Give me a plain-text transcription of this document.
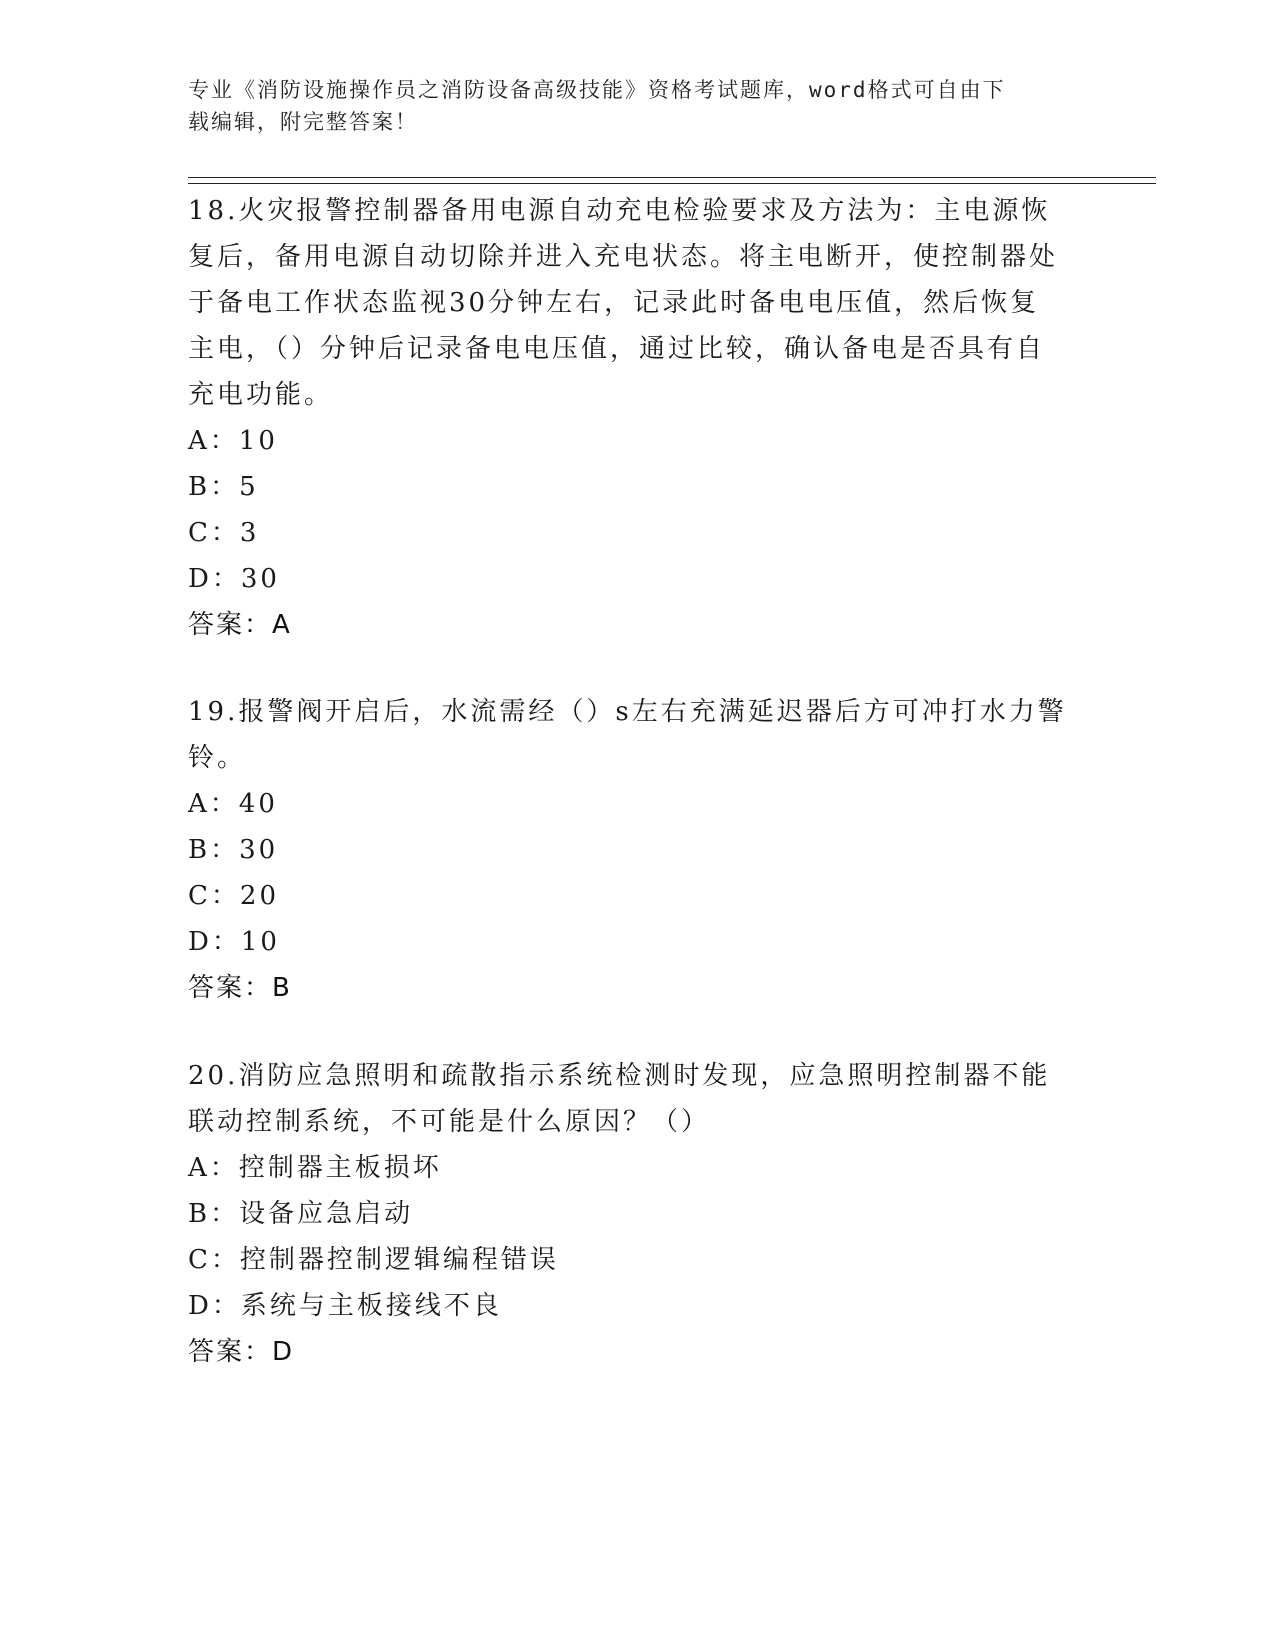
专业《消防设施操作员之消防设备高级技能》资格考试题库，word格式可自由下
载编辑，附完整答案！

18.火灾报警控制器备用电源自动充电检验要求及方法为：主电源恢复后，备用电源自动切除并进入充电状态。将主电断开，使控制器处于备电工作状态监视30分钟左右，记录此时备电电压值，然后恢复主电，（）分钟后记录备电电压值，通过比较，确认备电是否具有自充电功能。

A：10

B：5

C：3

D：30

答案：A

19.报警阀开启后，水流需经（）s左右充满延迟器后方可冲打水力警铃。

A：40

B：30

C：20

D：10

答案：B

20.消防应急照明和疏散指示系统检测时发现，应急照明控制器不能联动控制系统，不可能是什么原因？（）

A：控制器主板损坏

B：设备应急启动

C：控制器控制逻辑编程错误

D：系统与主板接线不良

答案：D
